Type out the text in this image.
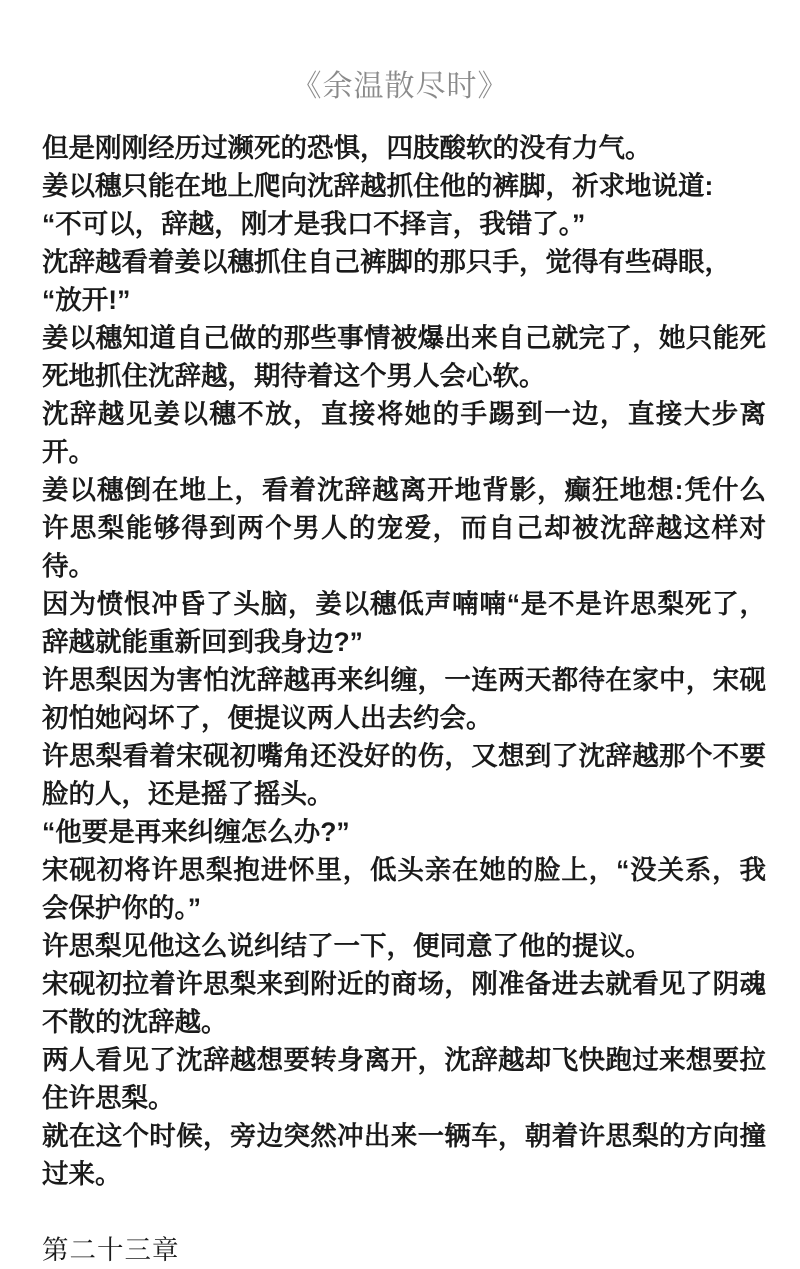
《余温散尽时》

但是刚刚经历过濒死的恐惧，四肢酸软的没有力气。

姜以穗只能在地上爬向沈辞越抓住他的裤脚，祈求地说道:

“不可以，辞越，刚才是我口不择言，我错了。”

沈辞越看着姜以穗抓住自己裤脚的那只手，觉得有些碍眼，

“放开!”

姜以穗知道自己做的那些事情被爆出来自己就完了，她只能死死地抓住沈辞越，期待着这个男人会心软。

沈辞越见姜以穗不放，直接将她的手踢到一边，直接大步离开。

姜以穗倒在地上，看着沈辞越离开地背影，癫狂地想:凭什么许思梨能够得到两个男人的宠爱，而自己却被沈辞越这样对待。

因为愤恨冲昏了头脑，姜以穗低声喃喃“是不是许思梨死了，辞越就能重新回到我身边?”

许思梨因为害怕沈辞越再来纠缠，一连两天都待在家中，宋砚初怕她闷坏了，便提议两人出去约会。

许思梨看着宋砚初嘴角还没好的伤，又想到了沈辞越那个不要脸的人，还是摇了摇头。

“他要是再来纠缠怎么办?”

宋砚初将许思梨抱进怀里，低头亲在她的脸上，“没关系，我会保护你的。”

许思梨见他这么说纠结了一下，便同意了他的提议。

宋砚初拉着许思梨来到附近的商场，刚准备进去就看见了阴魂不散的沈辞越。

两人看见了沈辞越想要转身离开，沈辞越却飞快跑过来想要拉住许思梨。

就在这个时候，旁边突然冲出来一辆车，朝着许思梨的方向撞过来。

第二十三章
